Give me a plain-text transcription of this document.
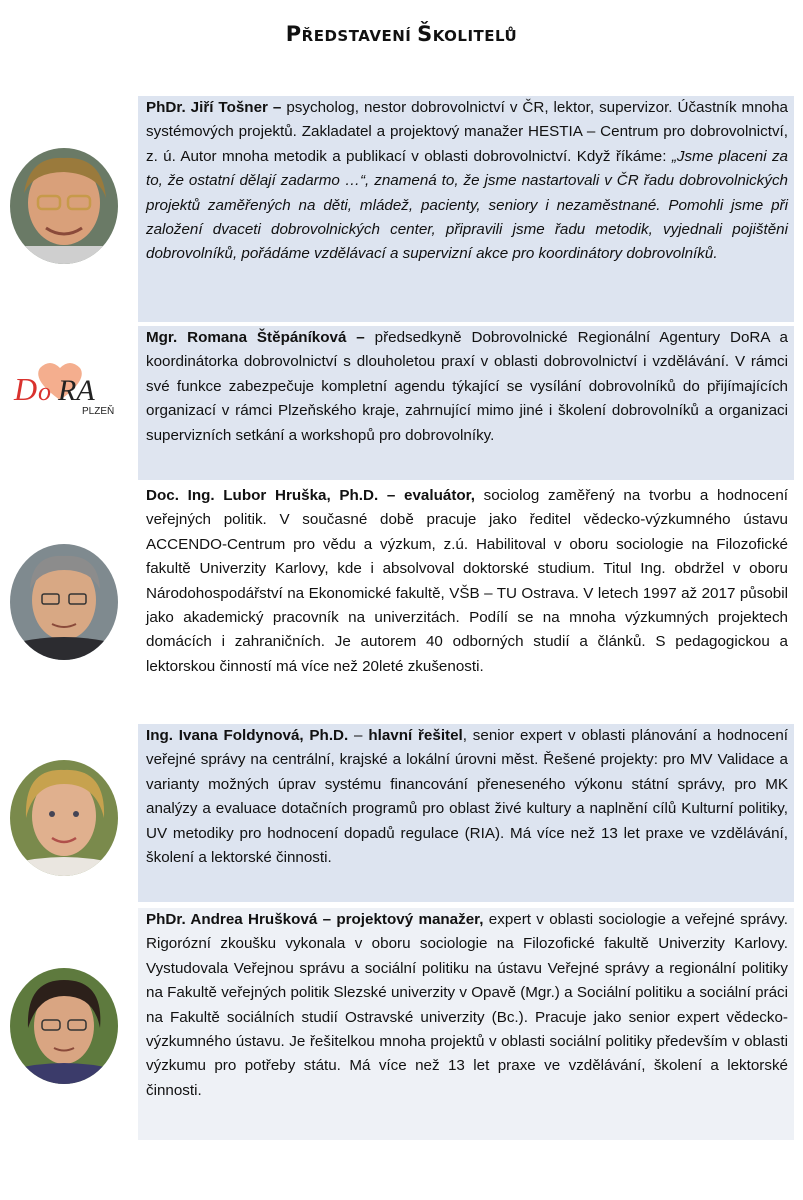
PŘEDSTAVENÍ ŠKOLITELŮ
PhDr. Jiří Tošner – psycholog, nestor dobrovolnictví v ČR, lektor, supervizor. Účastník mnoha systémových projektů. Zakladatel a projektový manažer HESTIA – Centrum pro dobrovolnictví, z. ú. Autor mnoha metodik a publikací v oblasti dobrovolnictví. Když říkáme: „Jsme placeni za to, že ostatní dělají zadarmo …“, znamená to, že jsme nastartovali v ČR řadu dobrovolnických projektů zaměřených na děti, mládež, pacienty, seniory i nezaměstnané. Pomohli jsme při založení dvaceti dobrovolnických center, připravili jsme řadu metodik, vyjednali pojištěni dobrovolníků, pořádáme vzdělávací a supervizní akce pro koordinátory dobrovolníků.
D o RA
PLZEŇ
Mgr. Romana Štěpáníková – předsedkyně Dobrovolnické Regionální Agentury DoRA a koordinátorka dobrovolnictví s dlouholetou praxí v oblasti dobrovolnictví i vzdělávání. V rámci své funkce zabezpečuje kompletní agendu týkající se vysílání dobrovolníků do přijímajících organizací v rámci Plzeňského kraje, zahrnující mimo jiné i školení dobrovolníků a organizaci supervizních setkání a workshopů pro dobrovolníky.
Doc. Ing. Lubor Hruška, Ph.D. – evaluátor, sociolog zaměřený na tvorbu a hodnocení veřejných politik. V současné době pracuje jako ředitel vědecko-výzkumného ústavu ACCENDO-Centrum pro vědu a výzkum, z.ú. Habilitoval v oboru sociologie na Filozofické fakultě Univerzity Karlovy, kde i absolvoval doktorské studium. Titul Ing. obdržel v oboru Národohospodářství na Ekonomické fakultě, VŠB – TU Ostrava. V letech 1997 až 2017 působil jako akademický pracovník na univerzitách. Podílí se na mnoha výzkumných projektech domácích i zahraničních. Je autorem 40 odborných studií a článků. S pedagogickou a lektorskou činností má více než 20leté zkušenosti.
Ing. Ivana Foldynová, Ph.D. – hlavní řešitel, senior expert v oblasti plánování a hodnocení veřejné správy na centrální, krajské a lokální úrovni měst. Řešené projekty: pro MV Validace a varianty možných úprav systému financování přeneseného výkonu státní správy, pro MK analýzy a evaluace dotačních programů pro oblast živé kultury a naplnění cílů Kulturní politiky, UV metodiky pro hodnocení dopadů regulace (RIA). Má více než 13 let praxe ve vzdělávání, školení a lektorské činnosti.
PhDr. Andrea Hrušková – projektový manažer, expert v oblasti sociologie a veřejné správy. Rigorózní zkoušku vykonala v oboru sociologie na Filozofické fakultě Univerzity Karlovy. Vystudovala Veřejnou správu a sociální politiku na ústavu Veřejné správy a regionální politiky na Fakultě veřejných politik Slezské univerzity v Opavě (Mgr.) a Sociální politiku a sociální práci na Fakultě sociálních studií Ostravské univerzity (Bc.). Pracuje jako senior expert vědecko-výzkumného ústavu. Je řešitelkou mnoha projektů v oblasti sociální politiky především v oblasti výzkumu pro potřeby státu. Má více než 13 let praxe ve vzdělávání, školení a lektorské činnosti.
